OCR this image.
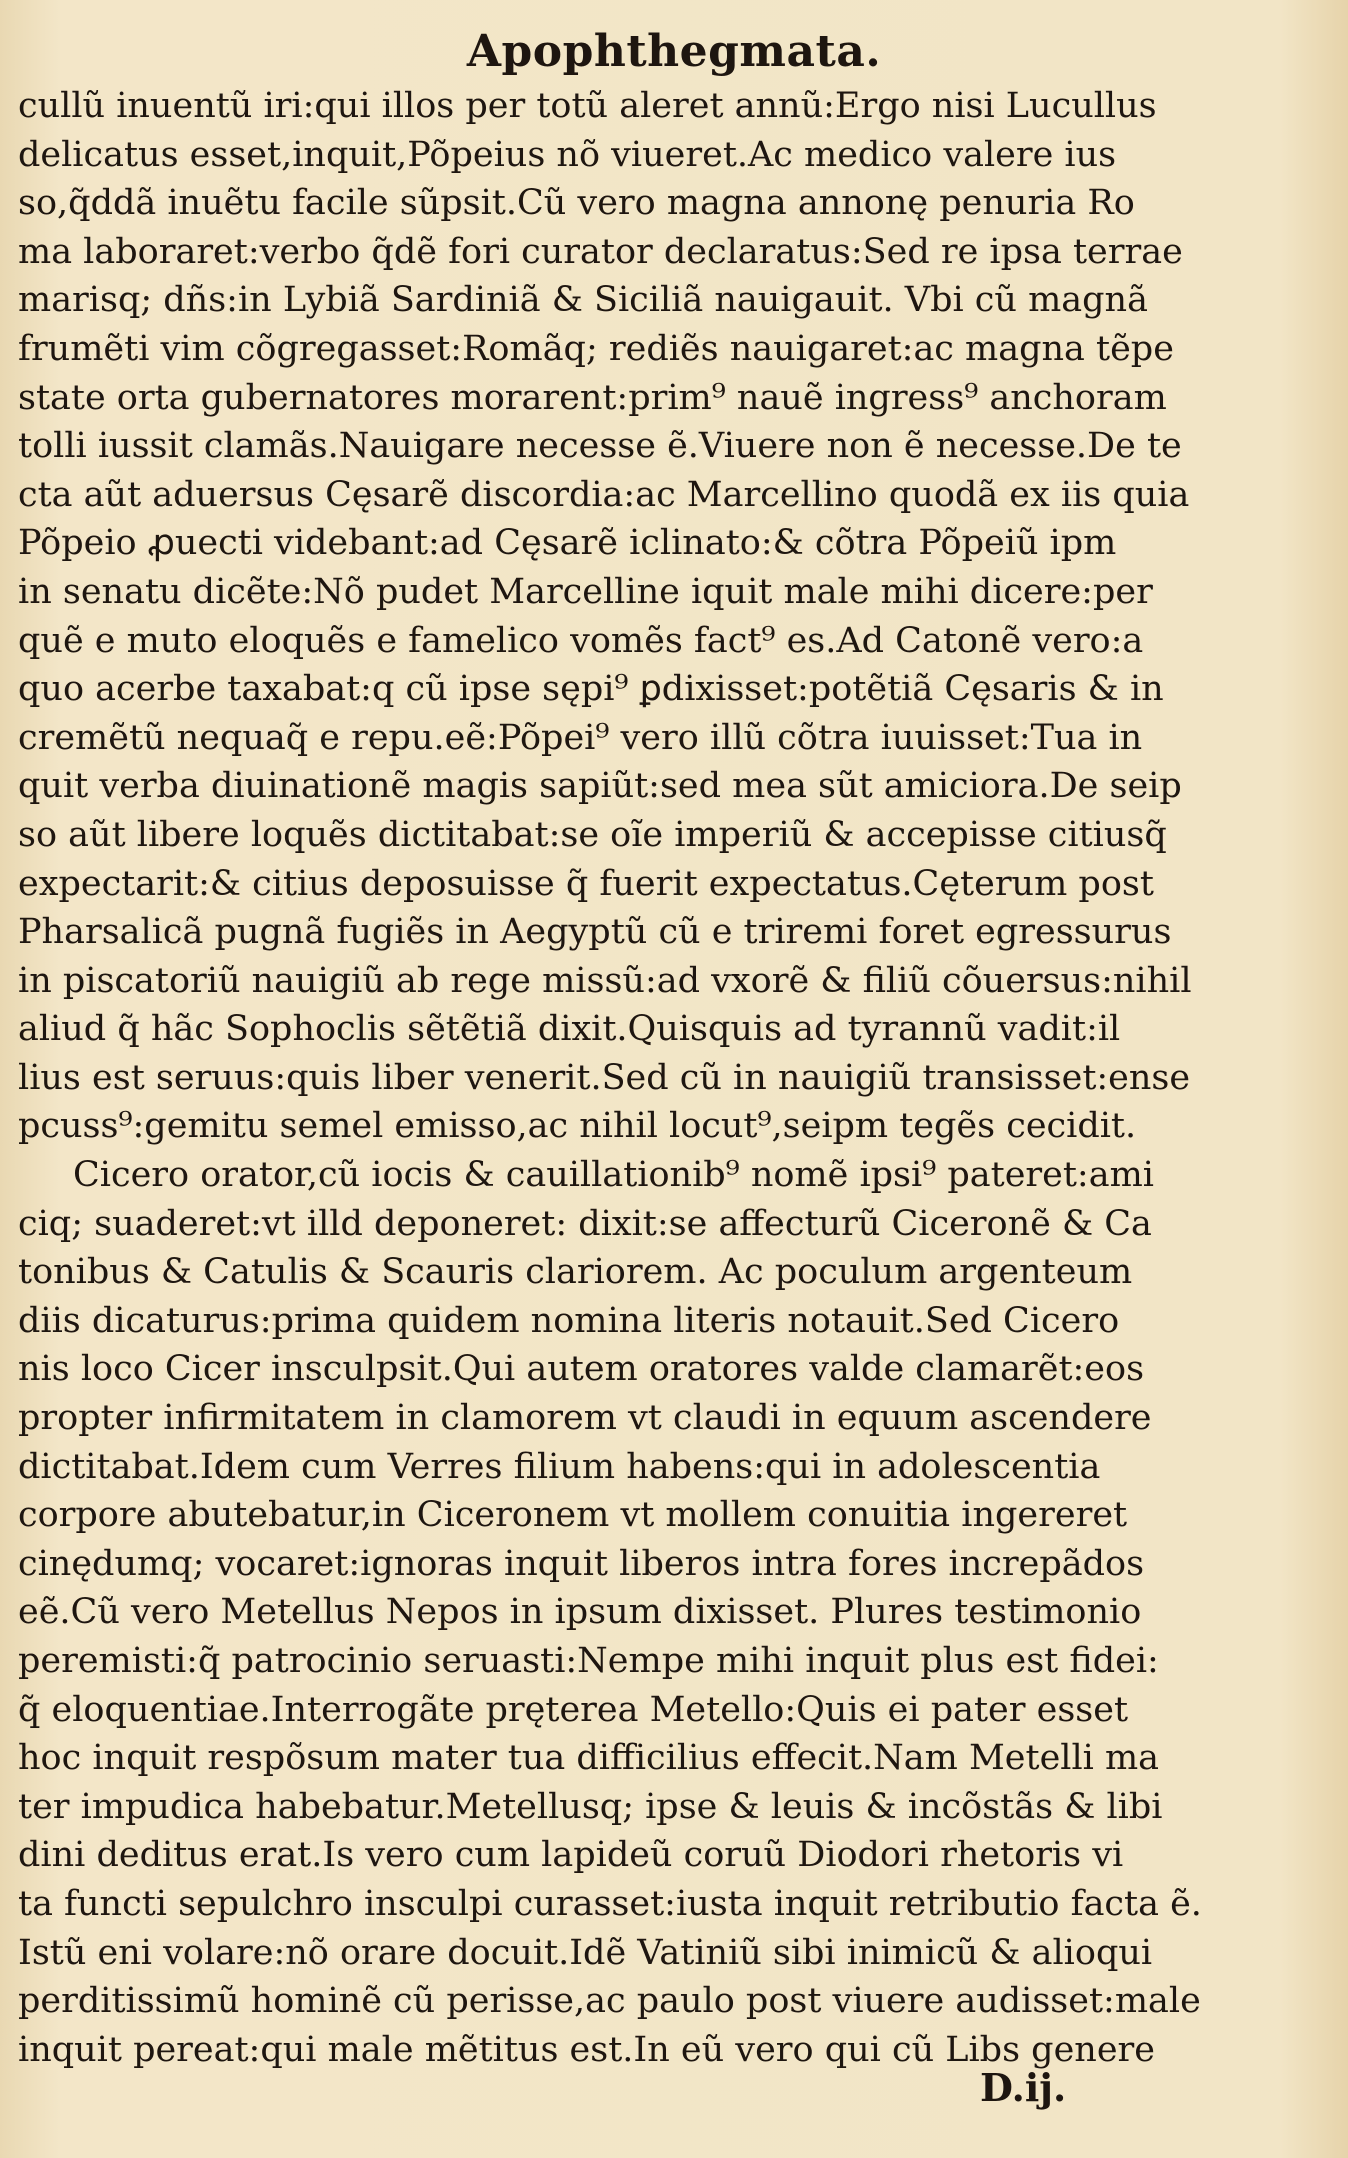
Apophthegmata.
cullũ inuentũ iri:qui illos per totũ aleret annũ:Ergo nisi Lucullus
delicatus esset,inquit,Põpeius nõ viueret.Ac medico valere ius
so,q̃ddã inuẽtu facile sũpsit.Cũ vero magna annonę penuria Ro
ma laboraret:verbo q̃dẽ fori curator declaratus:Sed re ipsa terrae
marisq; dñs:in Lybiã Sardiniã & Siciliã nauigauit. Vbi cũ magnã
frumẽti vim cõgregasset:Romãq; rediẽs nauigaret:ac magna tẽpe
state orta gubernatores morarent:prim⁹ nauẽ ingress⁹ anchoram
tolli iussit clamãs.Nauigare necesse ẽ.Viuere non ẽ necesse.De te
cta aũt aduersus Cęsarẽ discordia:ac Marcellino quodã ex iis quia
Põpeio ꝓuecti videbant:ad Cęsarẽ iclinato:& cõtra Põpeiũ ipm
in senatu dicẽte:Nõ pudet Marcelline iquit male mihi dicere:per
quẽ e muto eloquẽs e famelico vomẽs fact⁹ es.Ad Catonẽ vero:a
quo acerbe taxabat:q cũ ipse sępi⁹ ꝑdixisset:potẽtiã Cęsaris & in
cremẽtũ nequaq̃ e repu.eẽ:Põpei⁹ vero illũ cõtra iuuisset:Tua in
quit verba diuinationẽ magis sapiũt:sed mea sũt amiciora.De seip
so aũt libere loquẽs dictitabat:se oĩe imperiũ & accepisse citiusq̃
expectarit:& citius deposuisse q̃ fuerit expectatus.Cęterum post
Pharsalicã pugnã fugiẽs in Aegyptũ cũ e triremi foret egressurus
in piscatoriũ nauigiũ ab rege missũ:ad vxorẽ & filiũ cõuersus:nihil
aliud q̃ hãc Sophoclis sẽtẽtiã dixit.Quisquis ad tyrannũ vadit:il
lius est seruus:quis liber venerit.Sed cũ in nauigiũ transisset:ense
pcuss⁹:gemitu semel emisso,ac nihil locut⁹,seipm tegẽs cecidit.
Cicero orator,cũ iocis & cauillationib⁹ nomẽ ipsi⁹ pateret:ami
ciq; suaderet:vt illd deponeret: dixit:se affecturũ Ciceronẽ & Ca
tonibus & Catulis & Scauris clariorem. Ac poculum argenteum
diis dicaturus:prima quidem nomina literis notauit.Sed Cicero
nis loco Cicer insculpsit.Qui autem oratores valde clamarẽt:eos
propter infirmitatem in clamorem vt claudi in equum ascendere
dictitabat.Idem cum Verres filium habens:qui in adolescentia
corpore abutebatur,in Ciceronem vt mollem conuitia ingereret
cinędumq; vocaret:ignoras inquit liberos intra fores increpãdos
eẽ.Cũ vero Metellus Nepos in ipsum dixisset. Plures testimonio
peremisti:q̃ patrocinio seruasti:Nempe mihi inquit plus est fidei:
q̃ eloquentiae.Interrogãte pręterea Metello:Quis ei pater esset
hoc inquit respõsum mater tua difficilius effecit.Nam Metelli ma
ter impudica habebatur.Metellusq; ipse & leuis & incõstãs & libi
dini deditus erat.Is vero cum lapideũ coruũ Diodori rhetoris vi
ta functi sepulchro insculpi curasset:iusta inquit retributio facta ẽ.
Istũ eni volare:nõ orare docuit.Idẽ Vatiniũ sibi inimicũ & alioqui
perditissimũ hominẽ cũ perisse,ac paulo post viuere audisset:male
inquit pereat:qui male mẽtitus est.In eũ vero qui cũ Libs genere
D.ij.
